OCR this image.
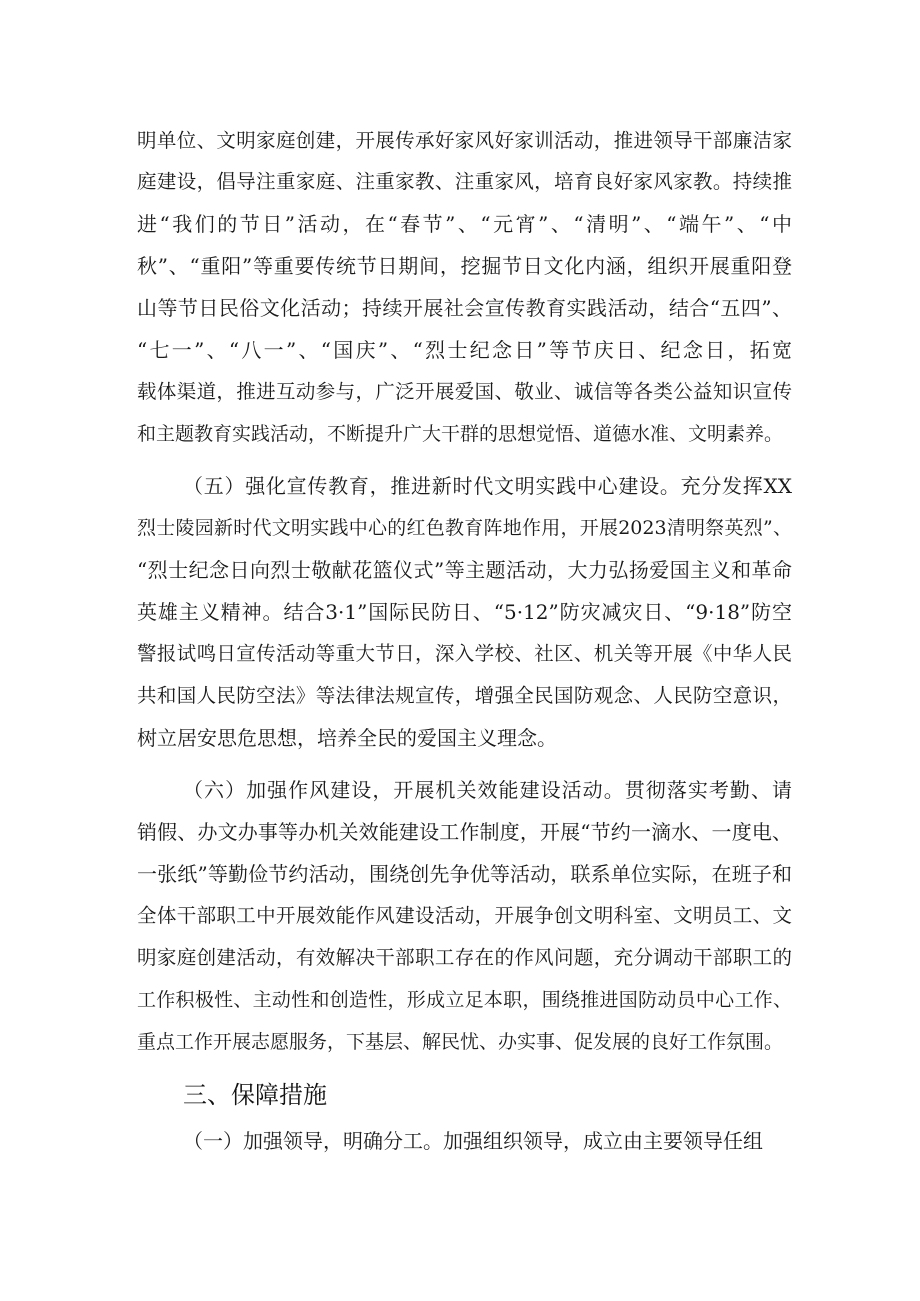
明单位、文明家庭创建，开展传承好家风好家训活动，推进领导干部廉洁家
庭建设，倡导注重家庭、注重家教、注重家风，培育良好家风家教。持续推
进“我们的节日”活动，在“春节”、“元宵”、“清明”、“端午”、“中
秋”、“重阳”等重要传统节日期间，挖掘节日文化内涵，组织开展重阳登
山等节日民俗文化活动；持续开展社会宣传教育实践活动，结合“五四”、
“七一”、“八一”、“国庆”、“烈士纪念日”等节庆日、纪念日，拓宽
载体渠道，推进互动参与，广泛开展爱国、敬业、诚信等各类公益知识宣传
和主题教育实践活动，不断提升广大干群的思想觉悟、道德水准、文明素养。
（五）强化宣传教育，推进新时代文明实践中心建设。充分发挥XX
烈士陵园新时代文明实践中心的红色教育阵地作用，开展2023清明祭英烈”、
“烈士纪念日向烈士敬献花篮仪式”等主题活动，大力弘扬爱国主义和革命
英雄主义精神。结合3·1”国际民防日、“5·12”防灾减灾日、“9·18”防空
警报试鸣日宣传活动等重大节日，深入学校、社区、机关等开展《中华人民
共和国人民防空法》等法律法规宣传，增强全民国防观念、人民防空意识，
树立居安思危思想，培养全民的爱国主义理念。
（六）加强作风建设，开展机关效能建设活动。贯彻落实考勤、请
销假、办文办事等办机关效能建设工作制度，开展“节约一滴水、一度电、
一张纸”等勤俭节约活动，围绕创先争优等活动，联系单位实际，在班子和
全体干部职工中开展效能作风建设活动，开展争创文明科室、文明员工、文
明家庭创建活动，有效解决干部职工存在的作风问题，充分调动干部职工的
工作积极性、主动性和创造性，形成立足本职，围绕推进国防动员中心工作、
重点工作开展志愿服务，下基层、解民忧、办实事、促发展的良好工作氛围。
三、保障措施
（一）加强领导，明确分工。加强组织领导，成立由主要领导任组
